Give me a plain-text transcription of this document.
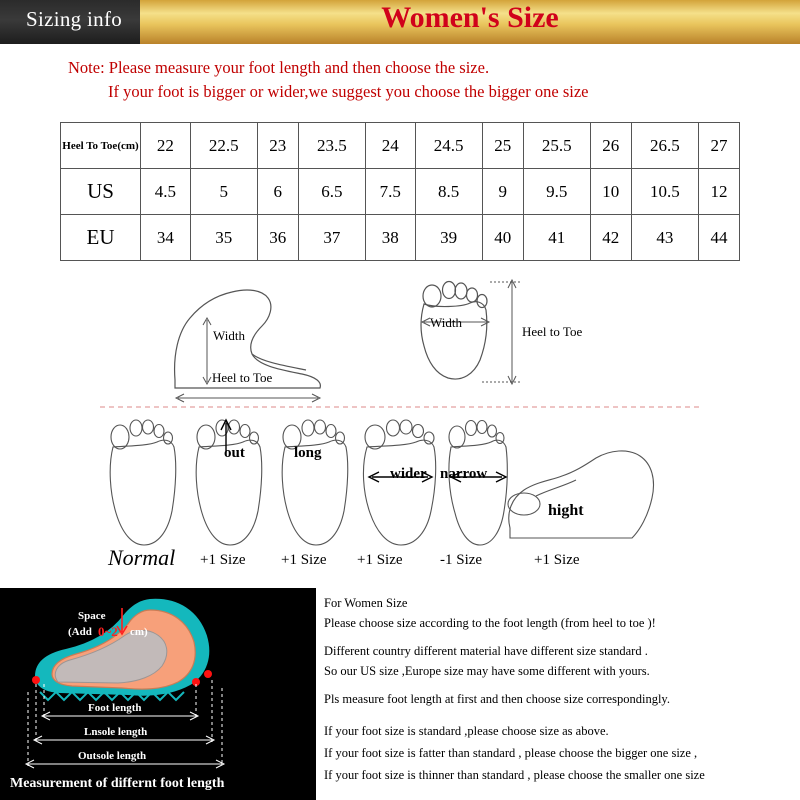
Sizing info	Women's Size
Note: Please measure your foot length and then choose the size.
If your foot is bigger or wider,we suggest you choose the bigger one size
Heel To Toe(cm)	22	22.5	23	23.5	24	24.5	25	25.5	26	26.5	27
US	4.5	5	6	6.5	7.5	8.5	9	9.5	10	10.5	12
EU	34	35	36	37	38	39	40	41	42	43	44
Width
Heel to Toe
Width
Heel to Toe
out	long
wider narrow
hight
Normal +1 Size +1 Size +1 Size -1 Size	+1 Size
Space
(Add 0~2 cm)
Foot length
Lnsole length
Outsole length
Measurement of differnt foot length
For Women Size
Please choose size according to the foot length (from heel to toe )!
Different country different material have different size standard .
So our US size ,Europe size may have some different with yours.
Pls measure foot length at first and then choose size correspondingly.
If your foot size is standard ,please choose size as above.
If your foot size is fatter than standard , please choose the bigger one size ,
If your foot size is thinner than standard , please choose the smaller one size
